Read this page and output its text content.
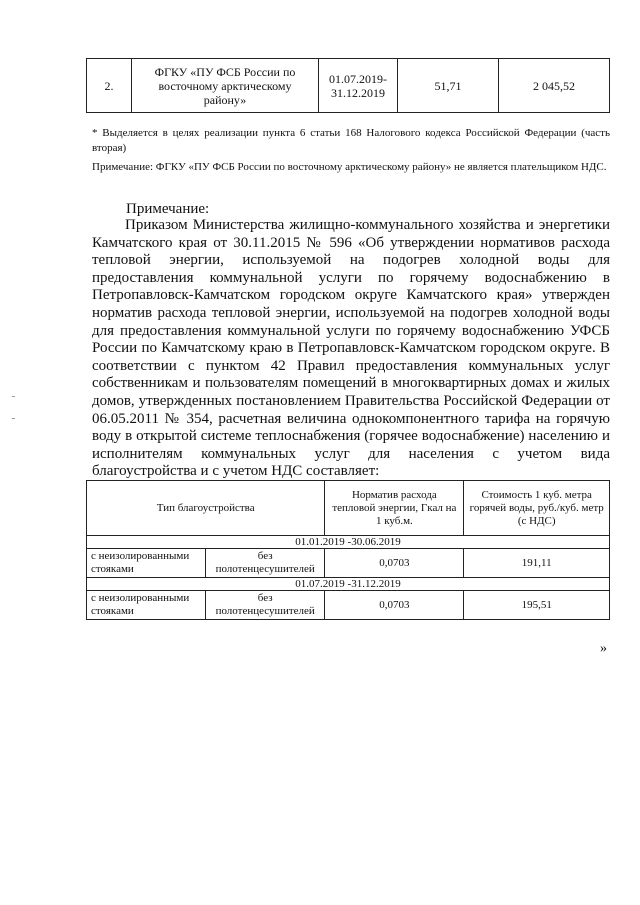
2.	ФГКУ «ПУ ФСБ России по восточному арктическому району»	01.07.2019-31.12.2019	51,71	2 045,52
* Выделяется в целях реализации пункта 6 статьи 168 Налогового кодекса Российской Федерации (часть вторая)
Примечание: ФГКУ «ПУ ФСБ России по восточному арктическому району» не является плательщиком НДС.
Примечание:
Приказом Министерства жилищно-коммунального хозяйства и энергетики Камчатского края от 30.11.2015 № 596 «Об утверждении нормативов расхода тепловой энергии, используемой на подогрев холодной воды для предоставления коммунальной услуги по горячему водоснабжению в Петропавловск-Камчатском городском округе Камчатского края» утвержден норматив расхода тепловой энергии, используемой на подогрев холодной воды для предоставления коммунальной услуги по горячему водоснабжению УФСБ России по Камчатскому краю в Петропавловск-Камчатском городском округе. В соответствии с пунктом 42 Правил предоставления коммунальных услуг собственникам и пользователям помещений в многоквартирных домах и жилых домов, утвержденных постановлением Правительства Российской Федерации от 06.05.2011 № 354, расчетная величина однокомпонентного тарифа на горячую воду в открытой системе теплоснабжения (горячее водоснабжение) населению и исполнителям коммунальных услуг для населения с учетом вида благоустройства и с учетом НДС составляет:
Тип благоустройства		Норматив расхода тепловой энергии, Гкал на 1 куб.м.	Стоимость 1 куб. метра горячей воды, руб./куб. метр (с НДС)
01.01.2019 -30.06.2019			
с неизолированными стояками	без полотенцесушителей	0,0703	191,11
01.07.2019 -31.12.2019			
с неизолированными стояками	без полотенцесушителей	0,0703	195,51
»
